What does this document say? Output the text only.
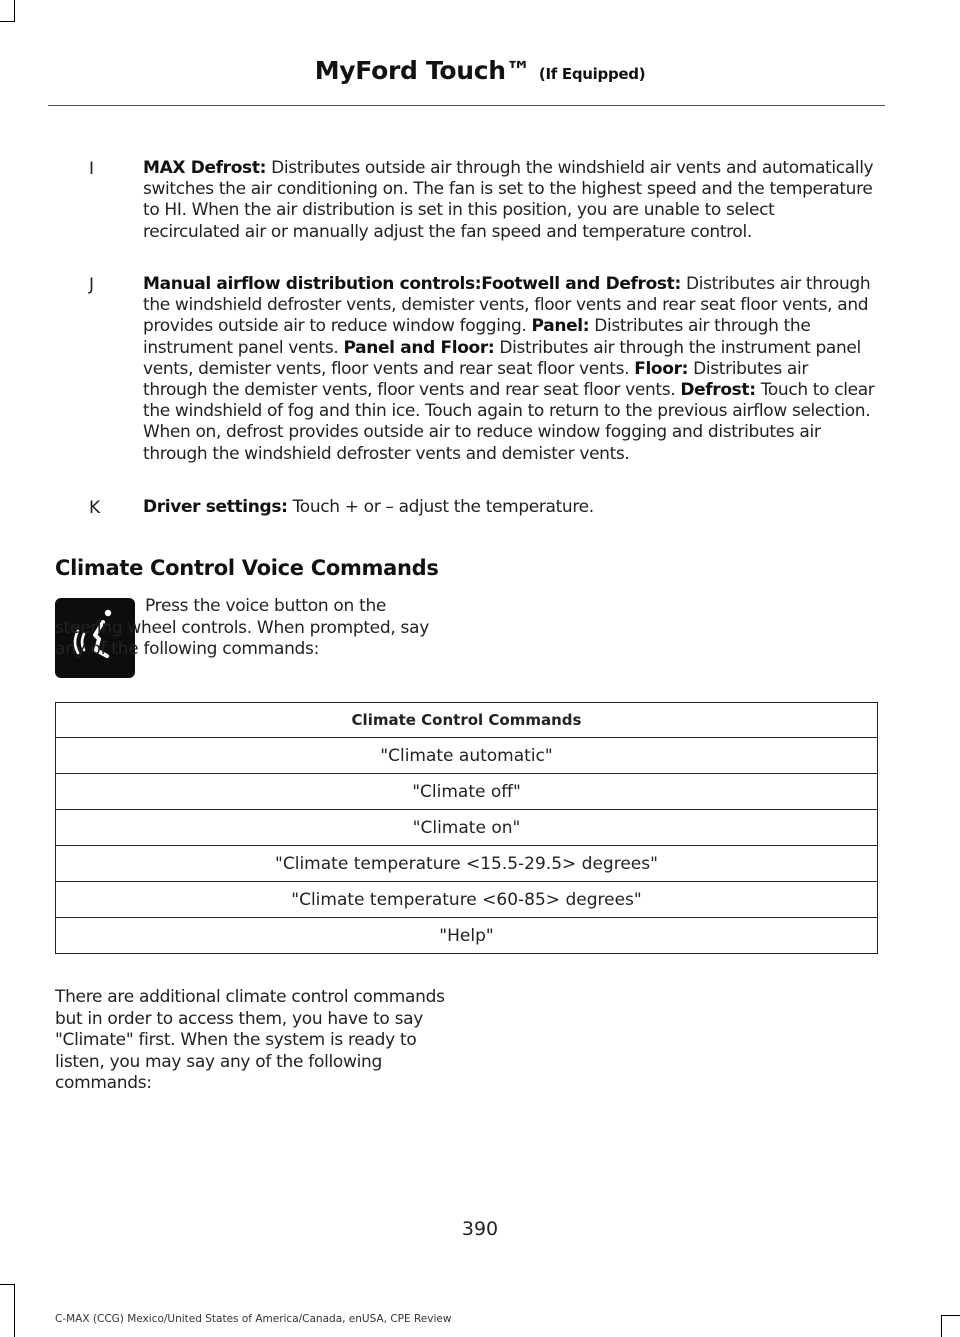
MyFord Touch™ (If Equipped)
I	MAX Defrost: Distributes outside air through the windshield air vents and automatically switches the air conditioning on. The fan is set to the highest speed and the temperature to HI. When the air distribution is set in this position, you are unable to select recirculated air or manually adjust the fan speed and temperature control.
J	Manual airflow distribution controls:Footwell and Defrost: Distributes air through the windshield defroster vents, demister vents, floor vents and rear seat floor vents, and provides outside air to reduce window fogging. Panel: Distributes air through the instrument panel vents. Panel and Floor: Distributes air through the instrument panel vents, demister vents, floor vents and rear seat floor vents. Floor: Distributes air through the demister vents, floor vents and rear seat floor vents. Defrost: Touch to clear the windshield of fog and thin ice. Touch again to return to the previous airflow selection. When on, defrost provides outside air to reduce window fogging and distributes air through the windshield defroster vents and demister vents.
K	Driver settings: Touch + or – adjust the temperature.
Climate Control Voice Commands
Press the voice button on the steering wheel controls. When prompted, say any of the following commands:
Climate Control Commands
"Climate automatic"
"Climate off"
"Climate on"
"Climate temperature <15.5-29.5> degrees"
"Climate temperature <60-85> degrees"
"Help"
There are additional climate control commands but in order to access them, you have to say "Climate" first. When the system is ready to listen, you may say any of the following commands:
390
C-MAX (CCG) Mexico/United States of America/Canada, enUSA, CPE Review
